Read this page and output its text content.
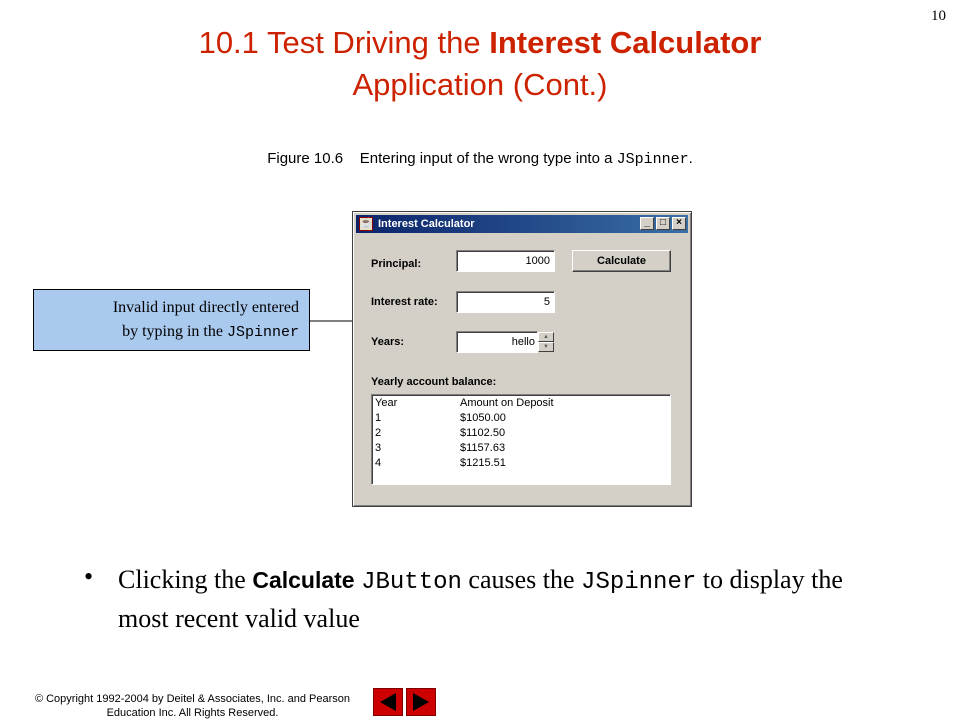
10
10.1 Test Driving the Interest Calculator
Application (Cont.)
Figure 10.6 Entering input of the wrong type into a JSpinner.
Invalid input directly entered
by typing in the JSpinner
☕ Interest Calculator	_	□	×
Principal:	1000	Calculate
Interest rate:	5
Years:	hello	▲
▼
Yearly account balance:
Year	Amount on Deposit
1	$1050.00
2	$1102.50
3	$1157.63
4	$1215.51
• Clicking the Calculate JButton causes the JSpinner to display the most recent valid value
© Copyright 1992-2004 by Deitel & Associates, Inc. and Pearson
Education Inc. All Rights Reserved.
